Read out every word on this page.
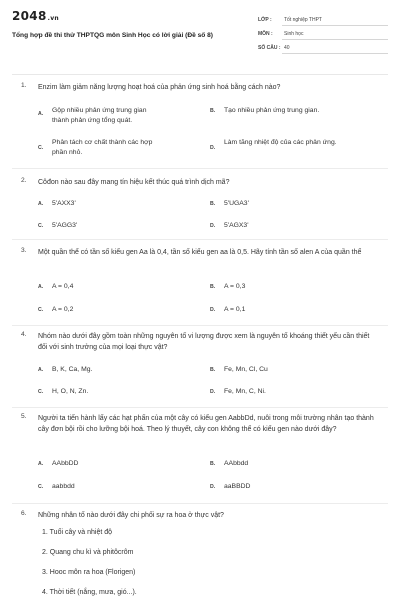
2048.vn
Tổng hợp đề thi thử THPTQG môn Sinh Học có lời giải (Đề số 8)
LỚP : Tốt nghiệp THPT
MÔN : Sinh học
SỐ CÂU : 40
1. Enzim làm giảm năng lượng hoạt hoá của phản ứng sinh hoá bằng cách nào?
A. Gộp nhiều phản ứng trung gian thành phản ứng tổng quát.
B. Tạo nhiều phản ứng trung gian.
C.
Phân tách cơ chất thành các hợp phần nhỏ.
D.
Làm tăng nhiệt độ của các phản ứng.
2. Côđon nào sau đây mang tín hiệu kết thúc quá trình dịch mã?
A. 5'AXX3'	B. 5'UGA3'
C. 5'AGG3'	D. 5'AGX3'
3. Một quần thể có tần số kiểu gen Aa là 0,4, tần số kiểu gen aa là 0,5. Hãy tính tần số alen A của quần thể
A. A = 0,4	B. A = 0,3
C. A = 0,2	D. A = 0,1
4. Nhóm nào dưới đây gồm toàn những nguyên tố vi lượng được xem là nguyên tố khoáng thiết yếu cần thiết đối với sinh trưởng của mọi loại thực vật?
A. B, K, Ca, Mg.	B. Fe, Mn, Cl, Cu
C. H, O, N, Zn.	D. Fe, Mn, C, Ni.
5. Người ta tiến hành lấy các hạt phấn của một cây có kiểu gen AabbDd, nuôi trong môi trường nhân tạo thành cây đơn bội rồi cho lưỡng bội hoá. Theo lý thuyết, cây con không thể có kiểu gen nào dưới đây?
A. AAbbDD	B. AAbbdd
C. aabbdd	D. aaBBDD
6. Những nhân tố nào dưới đây chi phối sự ra hoa ở thực vật?
1. Tuổi cây và nhiệt độ
2. Quang chu kì và phitôcrôm
3. Hooc môn ra hoa (Florigen)
4. Thời tiết (nắng, mưa, gió...).
